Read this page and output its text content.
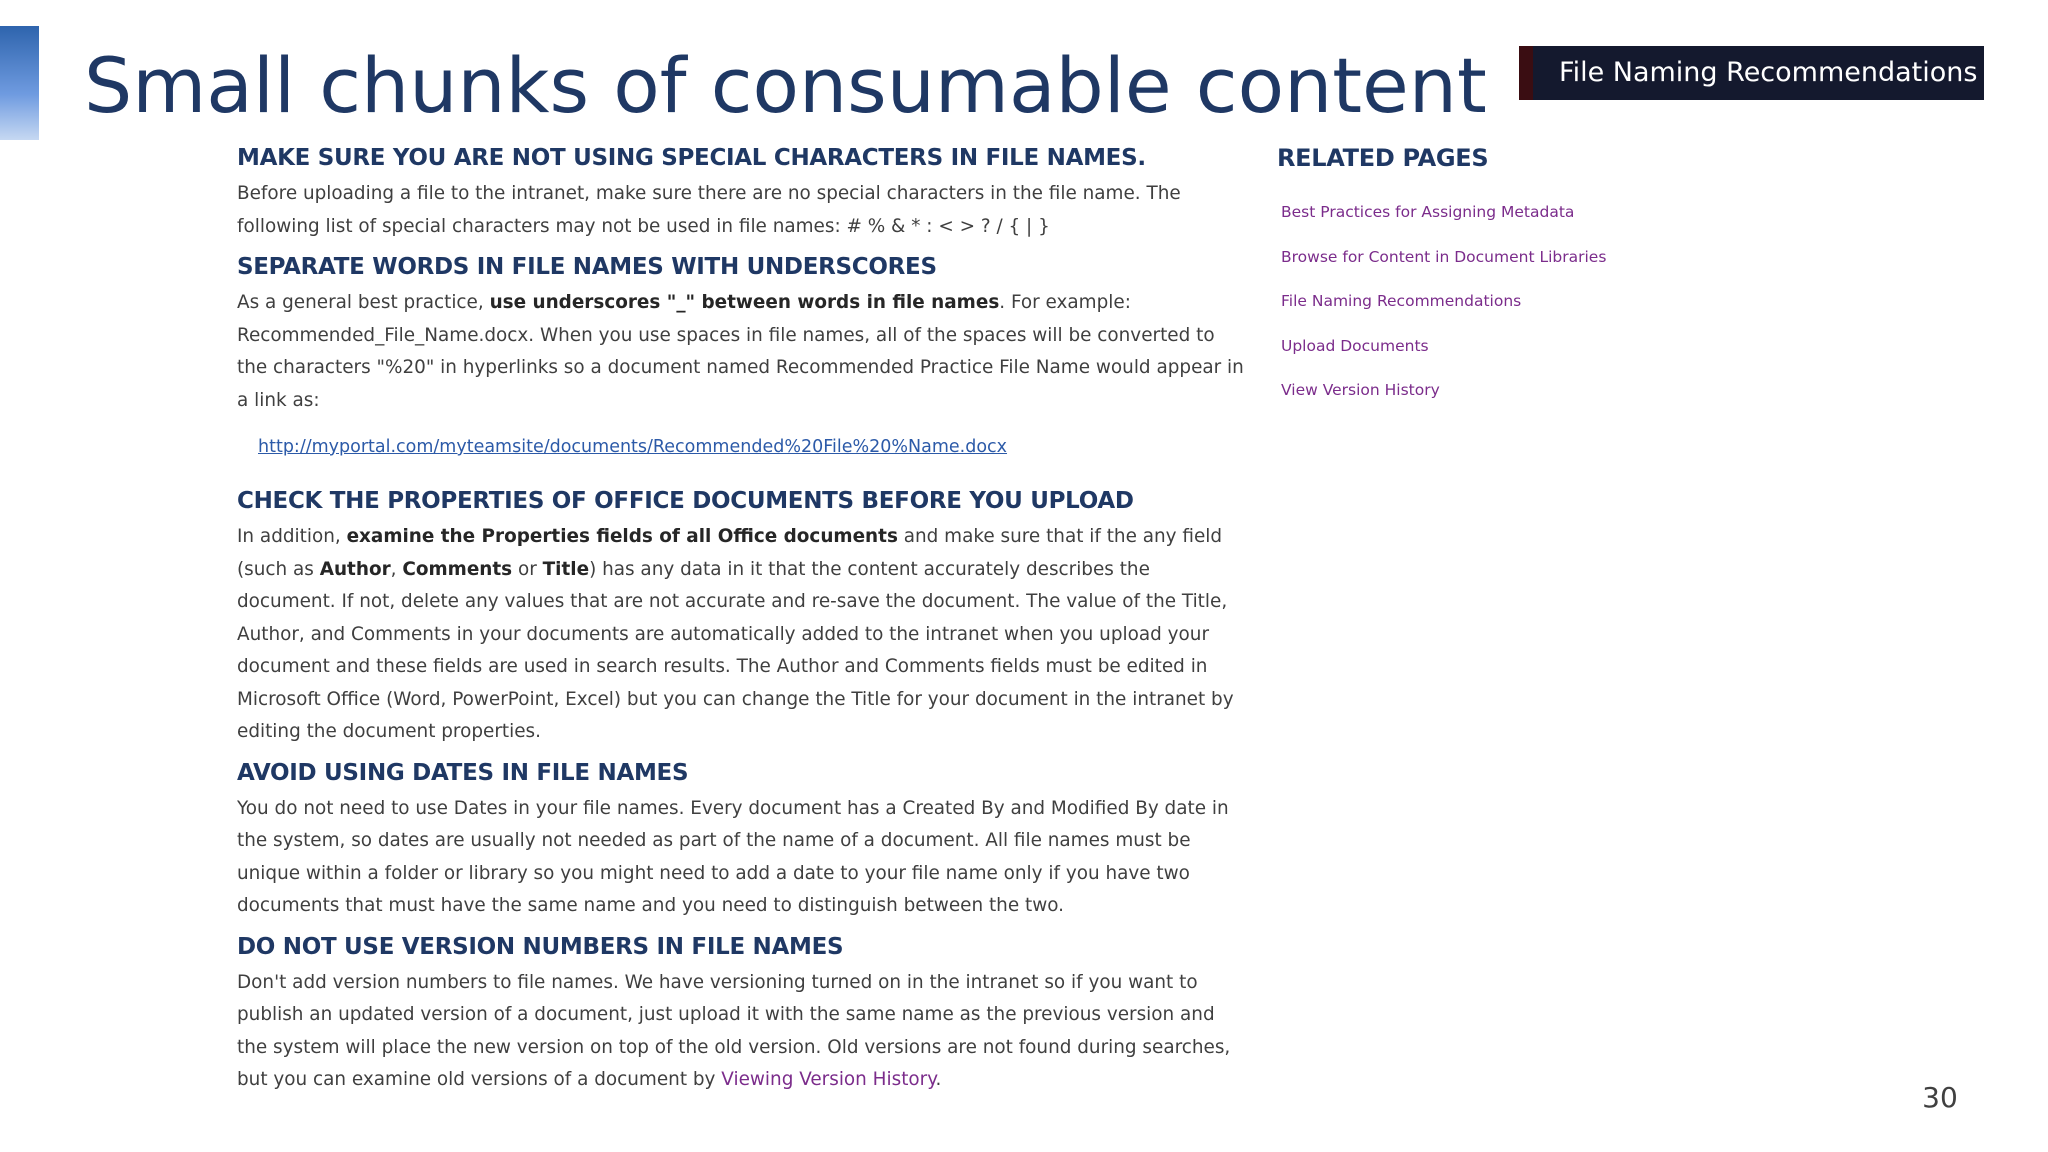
Small chunks of consumable content	File Naming Recommendations
MAKE SURE YOU ARE NOT USING SPECIAL CHARACTERS IN FILE NAMES.

Before uploading a file to the intranet, make sure there are no special characters in the file name. The following list of special characters may not be used in file names: # % & * : < > ? / { | }

SEPARATE WORDS IN FILE NAMES WITH UNDERSCORES

As a general best practice, use underscores "_" between words in file names. For example: Recommended_File_Name.docx. When you use spaces in file names, all of the spaces will be converted to the characters "%20" in hyperlinks so a document named Recommended Practice File Name would appear in a link as:

http://myportal.com/myteamsite/documents/Recommended%20File%20%Name.docx

CHECK THE PROPERTIES OF OFFICE DOCUMENTS BEFORE YOU UPLOAD

In addition, examine the Properties fields of all Office documents and make sure that if the any field (such as Author, Comments or Title) has any data in it that the content accurately describes the document. If not, delete any values that are not accurate and re-save the document. The value of the Title, Author, and Comments in your documents are automatically added to the intranet when you upload your document and these fields are used in search results. The Author and Comments fields must be edited in Microsoft Office (Word, PowerPoint, Excel) but you can change the Title for your document in the intranet by editing the document properties.

AVOID USING DATES IN FILE NAMES

You do not need to use Dates in your file names. Every document has a Created By and Modified By date in the system, so dates are usually not needed as part of the name of a document. All file names must be unique within a folder or library so you might need to add a date to your file name only if you have two documents that must have the same name and you need to distinguish between the two.

DO NOT USE VERSION NUMBERS IN FILE NAMES

Don't add version numbers to file names. We have versioning turned on in the intranet so if you want to publish an updated version of a document, just upload it with the same name as the previous version and the system will place the new version on top of the old version. Old versions are not found during searches, but you can examine old versions of a document by Viewing Version History.

RELATED PAGES
Best Practices for Assigning Metadata
Browse for Content in Document Libraries
File Naming Recommendations
Upload Documents
View Version History
30
